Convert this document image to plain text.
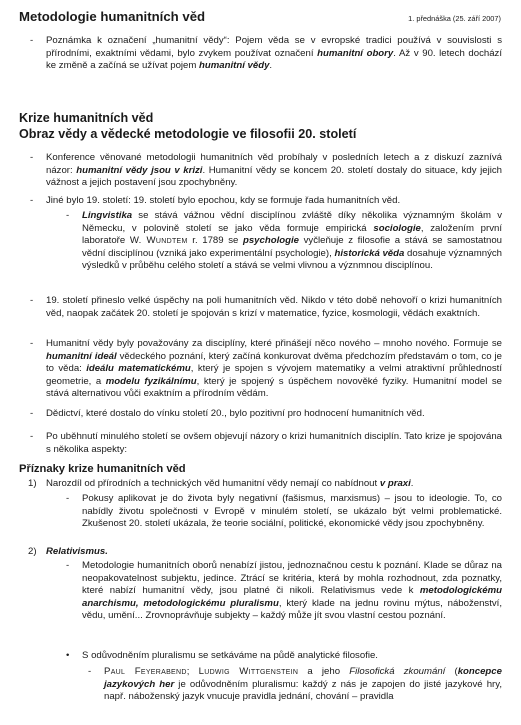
Metodologie humanitních věd	1. přednáška (25. září 2007)
- Poznámka k označení „humanitní vědy“: Pojem věda se v evropské tradici používá v souvislosti s přírodními, exaktními vědami, bylo zvykem používat označení humanitní obory. Až v 90. letech dochází ke změně a začíná se užívat pojem humanitní vědy.

Krize humanitních věd
Obraz vědy a vědecké metodologie ve filosofii 20. století
- Konference věnované metodologii humanitních věd probíhaly v posledních letech a z diskuzí zaznívá názor: humanitní vědy jsou v krizi. Humanitní vědy se koncem 20. století dostaly do situace, kdy jejich vážnost a jejich postavení jsou zpochybněny.

- Jiné bylo 19. století: 19. století bylo epochou, kdy se formuje řada humanitních věd.

- Lingvistika se stává vážnou vědní disciplínou zvláště díky několika významným školám v Německu, v polovině století se jako věda formuje empirická sociologie, založením první laboratoře W. Wundtem r. 1789 se psychologie vyčleňuje z filosofie a stává se samostatnou vědní disciplínou (vzniká jako experimentální psychologie), historická věda dosahuje významných výsledků v průběhu celého století a stává se velmi vlivnou a význmnou disciplínou.

- 19. století přineslo velké úspěchy na poli humanitních věd. Nikdo v této době nehovoří o krizi humanitních věd, naopak začátek 20. století je spojován s krizí v matematice, fyzice, kosmologii, vědách exaktních.

- Humanitní vědy byly považovány za disciplíny, které přinášejí něco nového – mnoho nového. Formuje se humanitní ideál vědeckého poznání, který začíná konkurovat dvěma předchozím představám o tom, co je to věda: ideálu matematickému, který je spojen s vývojem matematiky a velmi atraktivní průhledností geometrie, a modelu fyzikálnímu, který je spojený s úspěchem novověké fyziky. Humanitní model se stává alternativou vůči exaktním a přírodním vědám.

- Dědictví, které dostalo do vínku století 20., bylo pozitivní pro hodnocení humanitních věd.

- Po uběhnutí minulého století se ovšem objevují názory o krizi humanitních disciplín. Tato krize je spojována s několika aspekty:

Příznaky krize humanitních věd
1) Narozdíl od přírodních a technických věd humanitní vědy nemají co nabídnout v praxi.

- Pokusy aplikovat je do života byly negativní (fašismus, marxismus) – jsou to ideologie. To, co nabídly životu společnosti v Evropě v minulém století, se ukázalo být velmi problematické. Zkušenost 20. století ukázala, že teorie sociální, politické, ekonomické vědy jsou zpochybněny.

2) Relativismus.

- Metodologie humanitních oborů nenabízí jistou, jednoznačnou cestu k poznání. Klade se důraz na neopakovatelnost subjektu, jedince. Ztrácí se kritéria, která by mohla rozhodnout, zda poznatky, které nabízí humanitní vědy, jsou platné či nikoli. Relativismus vede k metodologickému anarchismu, metodologickému pluralismu, který klade na jednu rovinu mýtus, náboženství, vědu, umění... Zrovnoprávňuje subjekty – každý může jít svou vlastní cestou poznání.

• S odůvodněním pluralismu se setkáváme na půdě analytické filosofie.

- Paul Feyerabend; Ludwig Wittgenstein a jeho Filosofická zkoumání (koncepce jazykových her je odůvodněním pluralismu: každý z nás je zapojen do jisté jazykové hry, např. náboženský jazyk vnucuje pravidla jednání, chování – pravidla
